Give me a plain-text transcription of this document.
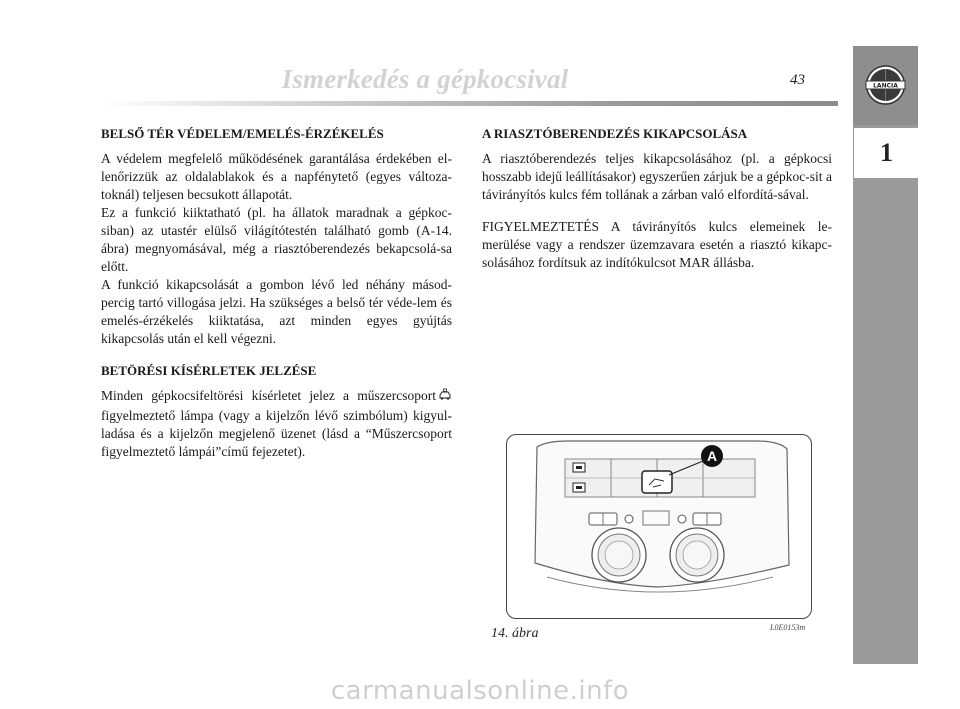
Ismerkedés a gépkocsival	43	LANCIA
1
BELSŐ TÉR VÉDELEM/EMELÉS-ÉRZÉKELÉS

A védelem megfelelő működésének garantálása érdekében el-lenőrizzük az oldalablakok és a napfénytető (egyes változa-toknál) teljesen becsukott állapotát.

Ez a funkció kiiktatható (pl. ha állatok maradnak a gépkoc-siban) az utastér elülső világítótestén található gomb (A-14. ábra) megnyomásával, még a riasztóberendezés bekapcsolá-sa előtt.

A funkció kikapcsolását a gombon lévő led néhány másod-percig tartó villogása jelzi. Ha szükséges a belső tér véde-lem és emelés-érzékelés kiiktatása, azt minden egyes gyújtás kikapcsolás után el kell végezni.

BETÖRÉSI KÍSÉRLETEK JELZÉSE

Minden gépkocsifeltörési kísérletet jelez a műszercsoport figyelmeztető lámpa (vagy a kijelzőn lévő szimbólum) kigyul-ladása és a kijelzőn megjelenő üzenet (lásd a “Műszercsoport figyelmeztető lámpái”című fejezetet).

A RIASZTÓBERENDEZÉS KIKAPCSOLÁSA

A riasztóberendezés teljes kikapcsolásához (pl. a gépkocsi hosszabb idejű leállításakor) egyszerűen zárjuk be a gépkoc-sit a távirányítós kulcs fém tollának a zárban való elfordítá-sával.

FIGYELMEZTETÉS A távirányítós kulcs elemeinek le-merülése vagy a rendszer üzemzavara esetén a riasztó kikapc-solásához fordítsuk az indítókulcsot MAR állásba.

A
14. ábra	L0E0153m
carmanualsonline.info
